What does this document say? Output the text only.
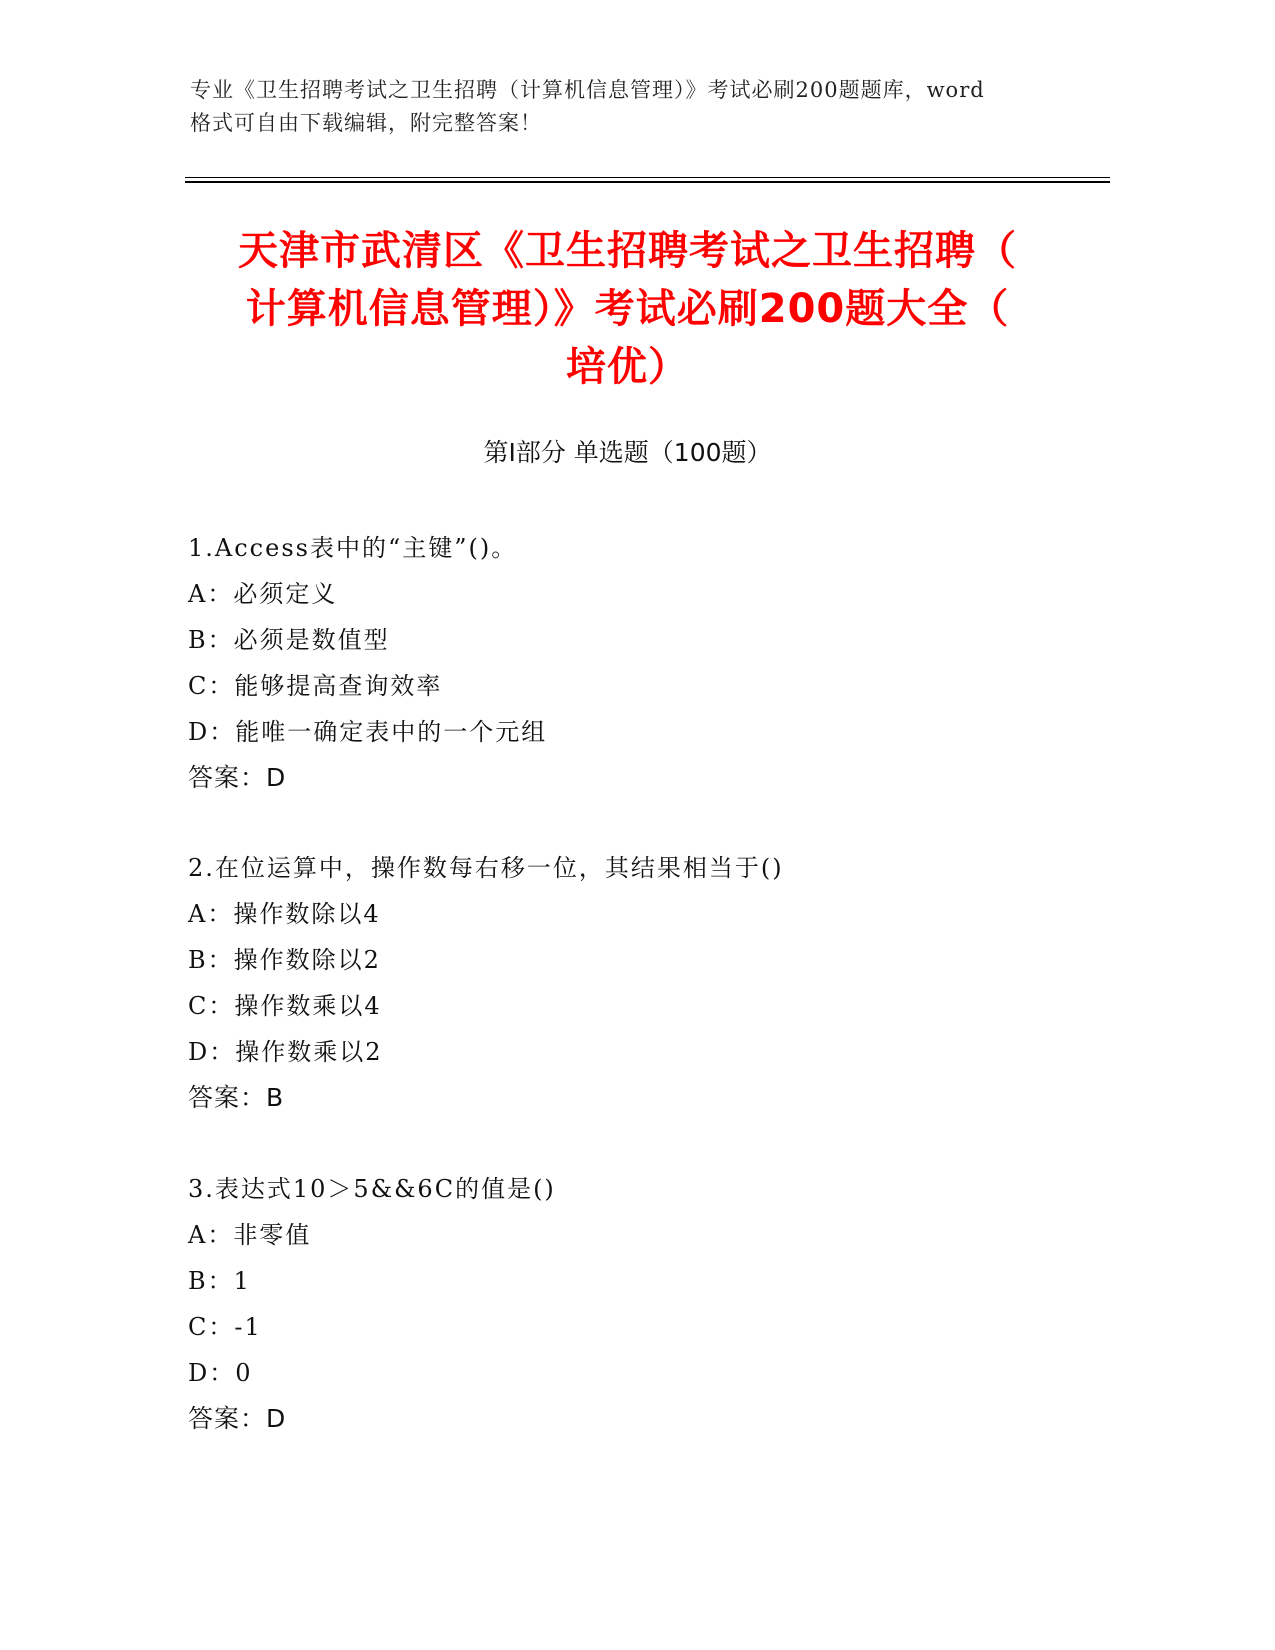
专业《卫生招聘考试之卫生招聘（计算机信息管理）》考试必刷200题题库，word
格式可自由下载编辑，附完整答案！
天津市武清区《卫生招聘考试之卫生招聘（
计算机信息管理）》考试必刷200题大全（
培优）
第Ⅰ部分 单选题（100题）
1.Access表中的“主键”()。
A：必须定义
B：必须是数值型
C：能够提高查询效率
D：能唯一确定表中的一个元组
答案：D
2.在位运算中，操作数每右移一位，其结果相当于()
A：操作数除以4
B：操作数除以2
C：操作数乘以4
D：操作数乘以2
答案：B
3.表达式10＞5&&6C的值是()
A：非零值
B：1
C：-1
D：0
答案：D
